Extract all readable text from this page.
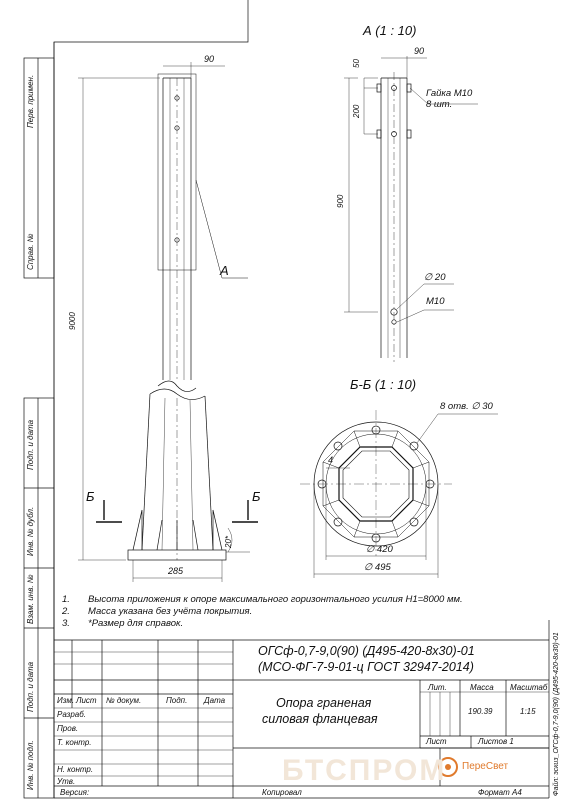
БТСПРОМ
Перв. примен.
Справ. №
Подп. и дата
Инв. № дубл.
Взам. инв. №
Подп. и дата
Инв. № подл.	Файл: эскиз_ОГСф-0,7-9,0(90) (Д495-420-8х30)-01
90
9000
285
20*
А
Б	Б
А (1 : 10)
90
50
200
900
Гайка М10
8 шт.
∅ 20
М10
Б-Б (1 : 10)
8 отв. ∅ 30
4
∅ 420
∅ 495
1. Высота приложения к опоре максимального горизонтального усилия H1=8000 мм.
2. Масса указана без учёта покрытия.
3. *Размер для справок.
ОГСф-0,7-9,0(90) (Д495-420-8х30)-01
(МСО-ФГ-7-9-01-ц ГОСТ 32947-2014)
Опора граненая
силовая фланцевая
Изм. Лист № докум.	Подп. Дата
Разраб.
Пров.
Т. контр.
Н. контр.
Утв.
Лит.	Масса Масштаб
190.39	1:15
Лист	Листов 1
ПереСвет
Версия:	Копировал	Формат А4
